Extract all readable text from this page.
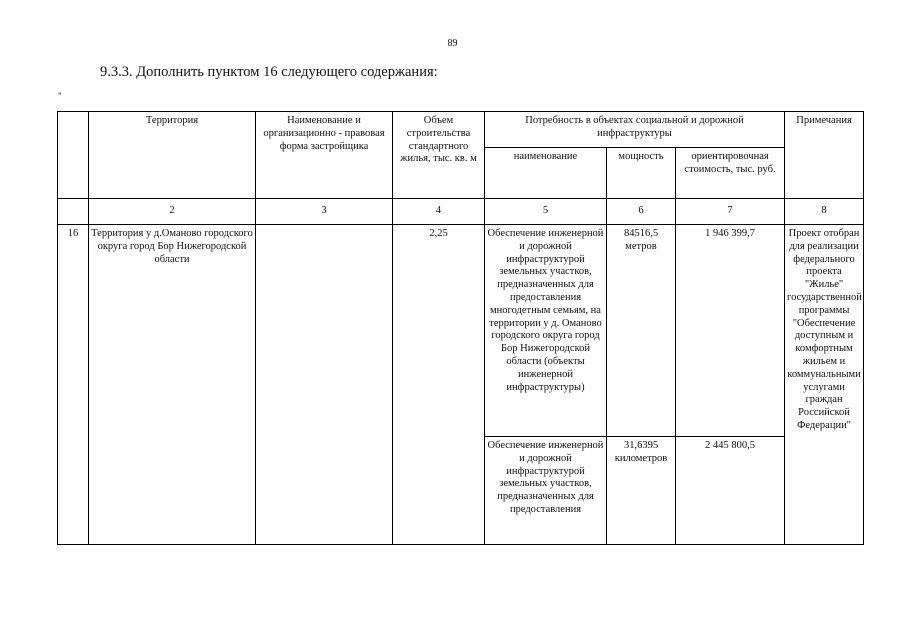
89
9.3.3. Дополнить пунктом 16 следующего содержания:
"
	Территория	Наименование и организационно - правовая форма застройщика	Объем строительства стандартного жилья, тыс. кв. м	Потребность в объектах социальной и дорожной инфраструктуры			Примечания
				наименование	мощность	ориентировочная стоимость, тыс. руб.	
	2	3	4	5	6	7	8
16	Территория у д.Оманово городского округа город Бор Нижегородской области		2,25	Обеспечение инженерной и дорожной инфраструктурой земельных участков, предназначенных для предоставления многодетным семьям, на территории у д. Оманово городского округа город Бор Нижегородской области (объекты инженерной инфраструктуры)	84516,5 метров	1 946 399,7	Проект отобран для реализации федерального проекта "Жилье" государственной программы "Обеспечение доступным и комфортным жильем и коммунальными услугами граждан Российской Федерации"

				Обеспечение инженерной и дорожной инфраструктурой земельных участков, предназначенных для предоставления	31,6395 километров	2 445 800,5	
